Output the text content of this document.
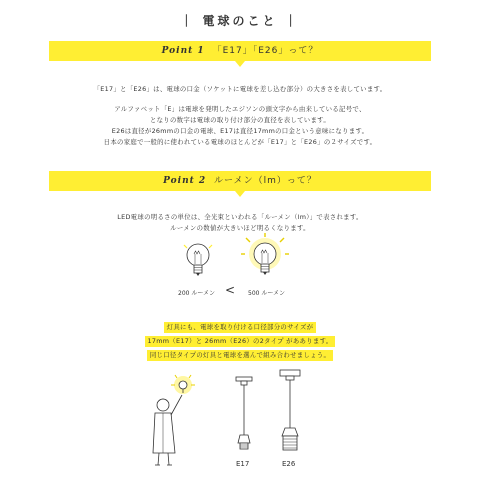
｜ 電球のこと ｜
Point 1 「E17」「E26」って？
「E17」と「E26」は、電球の口金（ソケットに電球を差し込む部分）の大きさを表しています。
アルファベット「E」は電球を発明したエジソンの頭文字から由来している記号で、
となりの数字は電球の取り付け部分の直径を表しています。
E26は直径が26mmの口金の電球、E17は直径17mmの口金という意味になります。
日本の家庭で一般的に使われている電球のほとんどが「E17」と「E26」の２サイズです。
Point 2 ルーメン（lm）って？
LED電球の明るさの単位は、全光束といわれる「ルーメン（lm）」で表されます。
ルーメンの数値が大きいほど明るくなります。
200 ルーメン < 500 ルーメン
灯具にも、電球を取り付ける口径部分のサイズが
17mm（E17）と 26mm（E26）の2タイプ がああります。
同じ口径タイプの灯具と電球を選んで組み合わせましょう。
E17	E26
